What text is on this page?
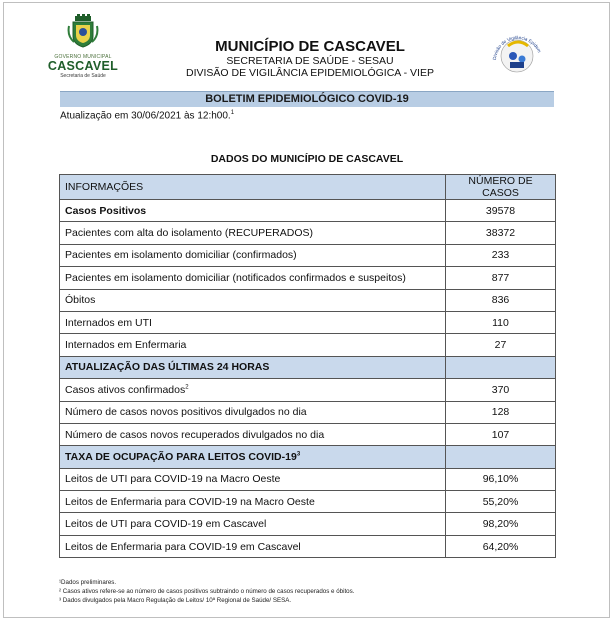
GOVERNO MUNICIPAL
CASCAVEL
Secretaria de Saúde
Divisão de Vigilância Epidem
MUNICÍPIO DE CASCAVEL
SECRETARIA DE SAÚDE - SESAU
DIVISÃO DE VIGILÂNCIA EPIDEMIOLÓGICA - VIEP
BOLETIM EPIDEMIOLÓGICO COVID-19
Atualização em 30/06/2021 às 12:h00.$^1$
DADOS DO MUNICÍPIO DE CASCAVEL
INFORMAÇÕES	NÚMERO DE CASOS
Casos Positivos	39578
Pacientes com alta do isolamento (RECUPERADOS)	38372
Pacientes em isolamento domiciliar (confirmados)	233
Pacientes em isolamento domiciliar (notificados confirmados e suspeitos)	877
Óbitos	836
Internados em UTI	110
Internados em Enfermaria	27
ATUALIZAÇÃO DAS ÚLTIMAS 24 HORAS	
Casos ativos confirmados$^2$	370
Número de casos novos positivos divulgados no dia	128
Número de casos novos recuperados divulgados no dia	107
TAXA DE OCUPAÇÃO PARA LEITOS COVID-$19^3$	
Leitos de UTI para COVID-19 na Macro Oeste	96,10%
Leitos de Enfermaria para COVID-19 na Macro Oeste	55,20%
Leitos de UTI para COVID-19 em Cascavel	98,20%
Leitos de Enfermaria para COVID-19 em Cascavel	64,20%
¹Dados preliminares.
² Casos ativos refere-se ao número de casos positivos subtraindo o número de casos recuperados e óbitos.
³ Dados divulgados pela Macro Regulação de Leitos/ 10ª Regional de Saúde/ SESA.
